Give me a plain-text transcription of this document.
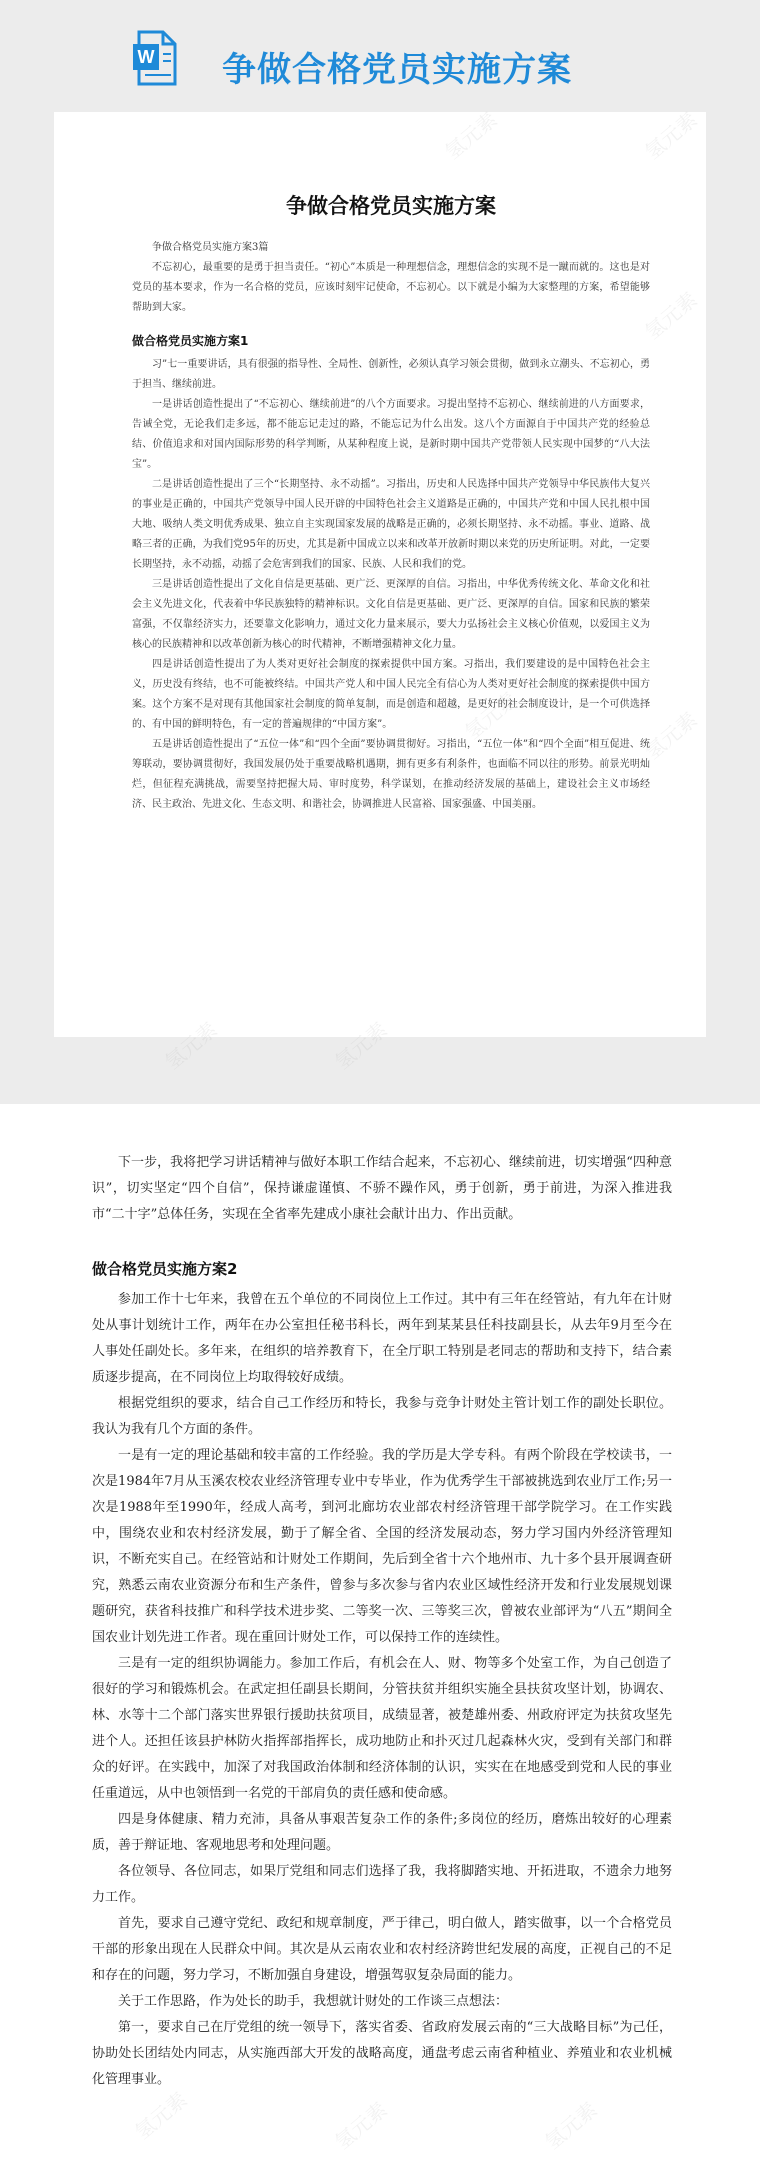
W 争做合格党员实施方案
争做合格党员实施方案

争做合格党员实施方案3篇

不忘初心，最重要的是勇于担当责任。“初心”本质是一种理想信念，理想信念的实现不是一蹴而就的。这也是对党员的基本要求，作为一名合格的党员，应该时刻牢记使命，不忘初心。以下就是小编为大家整理的方案，希望能够帮助到大家。

做合格党员实施方案1

习”七一重要讲话，具有很强的指导性、全局性、创新性，必须认真学习领会贯彻，做到永立潮头、不忘初心，勇于担当、继续前进。

一是讲话创造性提出了“不忘初心、继续前进”的八个方面要求。习提出坚持不忘初心、继续前进的八方面要求，告诫全党，无论我们走多远，都不能忘记走过的路，不能忘记为什么出发。这八个方面源自于中国共产党的经验总结、价值追求和对国内国际形势的科学判断，从某种程度上说，是新时期中国共产党带领人民实现中国梦的“八大法宝”。

二是讲话创造性提出了三个“长期坚持、永不动摇”。习指出，历史和人民选择中国共产党领导中华民族伟大复兴的事业是正确的，中国共产党领导中国人民开辟的中国特色社会主义道路是正确的，中国共产党和中国人民扎根中国大地、吸纳人类文明优秀成果、独立自主实现国家发展的战略是正确的，必须长期坚持、永不动摇。事业、道路、战略三者的正确，为我们党95年的历史，尤其是新中国成立以来和改革开放新时期以来党的历史所证明。对此，一定要长期坚持，永不动摇，动摇了会危害到我们的国家、民族、人民和我们的党。

三是讲话创造性提出了文化自信是更基础、更广泛、更深厚的自信。习指出，中华优秀传统文化、革命文化和社会主义先进文化，代表着中华民族独特的精神标识。文化自信是更基础、更广泛、更深厚的自信。国家和民族的繁荣富强，不仅靠经济实力，还要靠文化影响力，通过文化力量来展示，要大力弘扬社会主义核心价值观，以爱国主义为核心的民族精神和以改革创新为核心的时代精神，不断增强精神文化力量。

四是讲话创造性提出了为人类对更好社会制度的探索提供中国方案。习指出，我们要建设的是中国特色社会主义，历史没有终结，也不可能被终结。中国共产党人和中国人民完全有信心为人类对更好社会制度的探索提供中国方案。这个方案不是对现有其他国家社会制度的简单复制，而是创造和超越，是更好的社会制度设计，是一个可供选择的、有中国的鲜明特色，有一定的普遍规律的“中国方案”。

五是讲话创造性提出了“五位一体”和“四个全面”要协调贯彻好。习指出，“五位一体”和“四个全面”相互促进、统筹联动，要协调贯彻好，我国发展仍处于重要战略机遇期，拥有更多有利条件，也面临不同以往的形势。前景光明灿烂，但征程充满挑战，需要坚持把握大局、审时度势，科学谋划，在推动经济发展的基础上，建设社会主义市场经济、民主政治、先进文化、生态文明、和谐社会，协调推进人民富裕、国家强盛、中国美丽。

下一步，我将把学习讲话精神与做好本职工作结合起来，不忘初心、继续前进，切实增强“四种意识”，切实坚定“四个自信”，保持谦虚谨慎、不骄不躁作风，勇于创新，勇于前进，为深入推进我市“二十字”总体任务，实现在全省率先建成小康社会献计出力、作出贡献。

做合格党员实施方案2

参加工作十七年来，我曾在五个单位的不同岗位上工作过。其中有三年在经管站，有九年在计财处从事计划统计工作，两年在办公室担任秘书科长，两年到某某县任科技副县长，从去年9月至今在人事处任副处长。多年来，在组织的培养教育下，在全厅职工特别是老同志的帮助和支持下，结合素质逐步提高，在不同岗位上均取得较好成绩。

根据党组织的要求，结合自己工作经历和特长，我参与竞争计财处主管计划工作的副处长职位。我认为我有几个方面的条件。

一是有一定的理论基础和较丰富的工作经验。我的学历是大学专科。有两个阶段在学校读书，一次是1984年7月从玉溪农校农业经济管理专业中专毕业，作为优秀学生干部被挑选到农业厅工作;另一次是1988年至1990年，经成人高考，到河北廊坊农业部农村经济管理干部学院学习。在工作实践中，围绕农业和农村经济发展，勤于了解全省、全国的经济发展动态，努力学习国内外经济管理知识，不断充实自己。在经管站和计财处工作期间，先后到全省十六个地州市、九十多个县开展调查研究，熟悉云南农业资源分布和生产条件，曾参与多次参与省内农业区域性经济开发和行业发展规划课题研究，获省科技推广和科学技术进步奖、二等奖一次、三等奖三次，曾被农业部评为“八五”期间全国农业计划先进工作者。现在重回计财处工作，可以保持工作的连续性。

三是有一定的组织协调能力。参加工作后，有机会在人、财、物等多个处室工作，为自己创造了很好的学习和锻炼机会。在武定担任副县长期间，分管扶贫并组织实施全县扶贫攻坚计划，协调农、林、水等十二个部门落实世界银行援助扶贫项目，成绩显著，被楚雄州委、州政府评定为扶贫攻坚先进个人。还担任该县护林防火指挥部指挥长，成功地防止和扑灭过几起森林火灾，受到有关部门和群众的好评。在实践中，加深了对我国政治体制和经济体制的认识，实实在在地感受到党和人民的事业任重道远，从中也领悟到一名党的干部肩负的责任感和使命感。

四是身体健康、精力充沛，具备从事艰苦复杂工作的条件;多岗位的经历，磨炼出较好的心理素质，善于辩证地、客观地思考和处理问题。

各位领导、各位同志，如果厅党组和同志们选择了我，我将脚踏实地、开拓进取，不遗余力地努力工作。

首先，要求自己遵守党纪、政纪和规章制度，严于律己，明白做人，踏实做事，以一个合格党员干部的形象出现在人民群众中间。其次是从云南农业和农村经济跨世纪发展的高度，正视自己的不足和存在的问题，努力学习，不断加强自身建设，增强驾驭复杂局面的能力。

关于工作思路，作为处长的助手，我想就计财处的工作谈三点想法：

第一，要求自己在厅党组的统一领导下，落实省委、省政府发展云南的“三大战略目标”为己任，协助处长团结处内同志，从实施西部大开发的战略高度，通盘考虑云南省种植业、养殖业和农业机械化管理事业。

氢元素	氢元素
